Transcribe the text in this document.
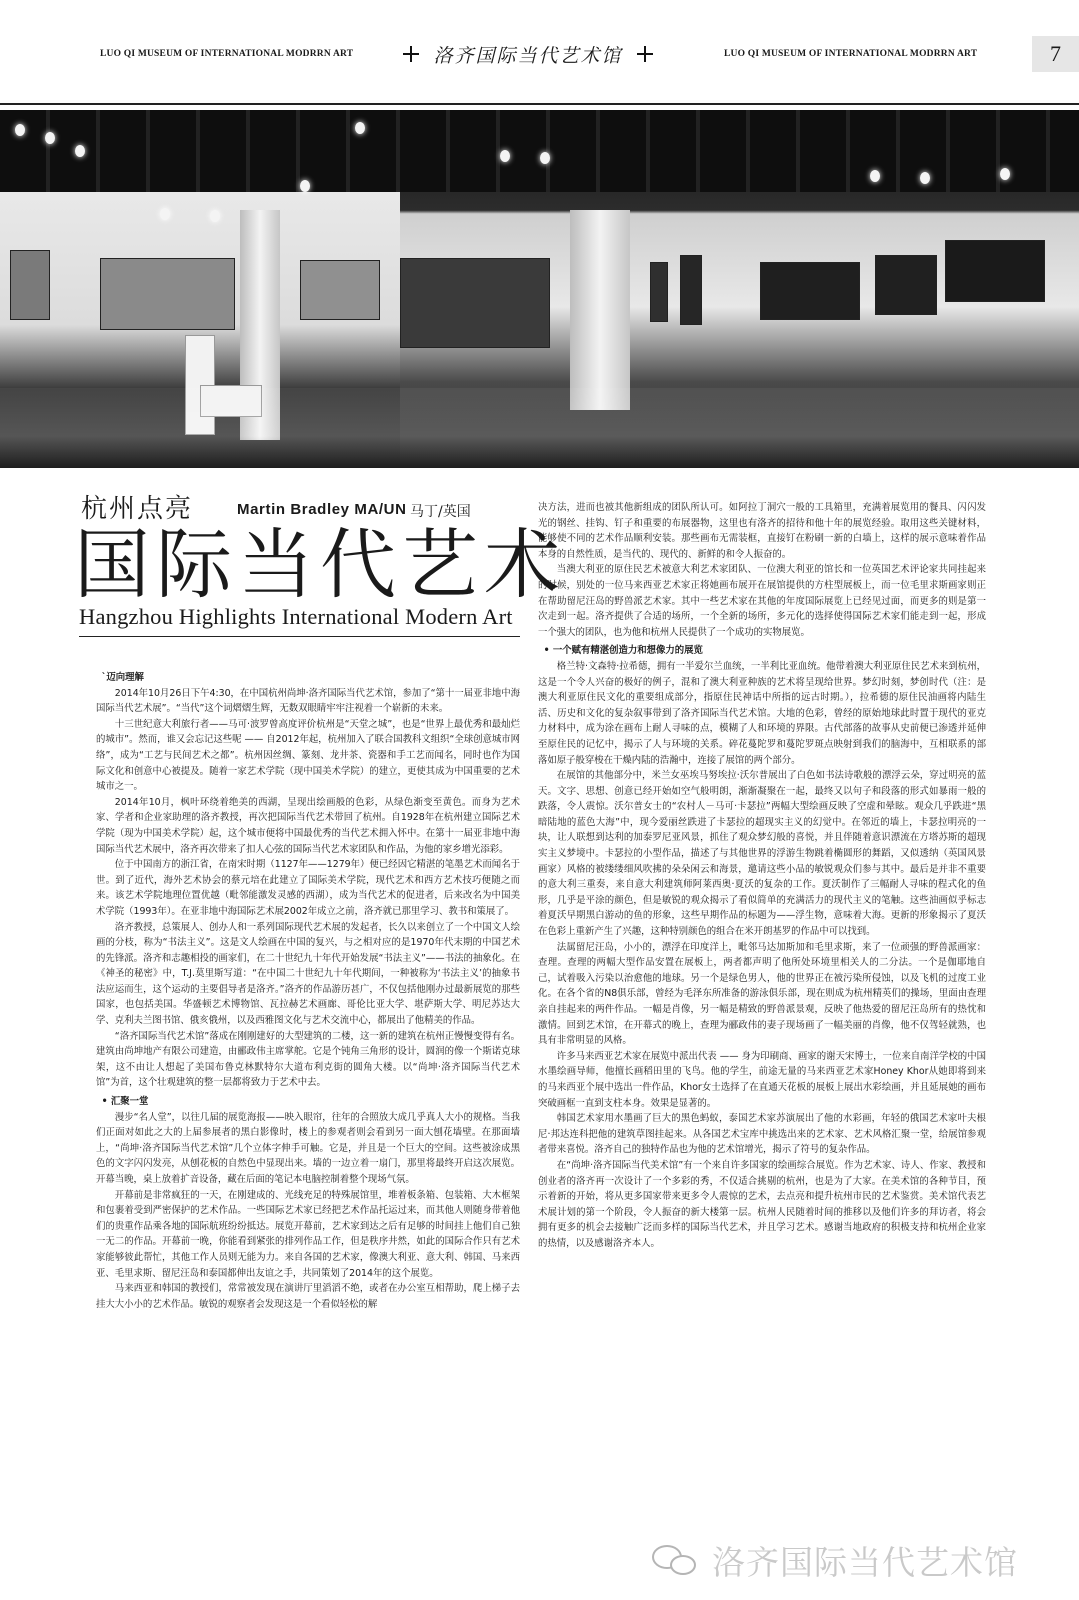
LUO QI MUSEUM OF INTERNATIONAL MODRRN ART	洛齐国际当代艺术馆	LUO QI MUSEUM OF INTERNATIONAL MODRRN ART	7
杭州点亮	Martin Bradley MA/UN 马丁/英国
国际当代艺术
Hangzhou Highlights International Modern Art

`迈向理解

2014年10月26日下午4:30，在中国杭州尚坤·洛齐国际当代艺术馆，参加了“第十一届亚非地中海国际当代艺术展”。“当代”这个词熠熠生辉，无数双眼睛牢牢注视着一个崭新的未来。

十三世纪意大利旅行者——马可·波罗曾高度评价杭州是“天堂之城”，也是“世界上最优秀和最灿烂的城市”。然而，谁又会忘记这些呢 —— 自2012年起，杭州加入了联合国教科文组织“全球创意城市网络”，成为“工艺与民间艺术之都”。杭州因丝绸、篆刻、龙井茶、瓷器和手工艺而闻名，同时也作为国际文化和创意中心被提及。随着一家艺术学院（现中国美术学院）的建立，更使其成为中国重要的艺术城市之一。

2014年10月，枫叶环绕着绝美的西湖，呈现出绘画般的色彩，从绿色渐变至黄色。而身为艺术家、学者和企业家助理的洛齐教授，再次把国际当代艺术带回了杭州。自1928年在杭州建立国际艺术学院（现为中国美术学院）起，这个城市便将中国最优秀的当代艺术拥入怀中。在第十一届亚非地中海国际当代艺术展中，洛齐再次带来了扣人心弦的国际当代艺术家团队和作品，为他的家乡增光添彩。

位于中国南方的浙江省，在南宋时期（1127年——1279年）便已经因它精湛的笔墨艺术而闻名于世。到了近代，海外艺术协会的蔡元培在此建立了国际美术学院，现代艺术和西方艺术技巧便随之而来。该艺术学院地理位置优越（毗邻能激发灵感的西湖），成为当代艺术的促进者，后来改名为中国美术学院（1993年）。在亚非地中海国际艺术展2002年成立之前，洛齐就已那里学习、教书和策展了。

洛齐教授，总策展人、创办人和一系列国际现代艺术展的发起者，长久以来创立了一个中国文人绘画的分枝，称为“书法主义”。这是文人绘画在中国的复兴，与之相对应的是1970年代末期的中国艺术的先锋派。洛齐和志趣相投的画家们，在二十世纪九十年代开始发展“书法主义”——书法的抽象化。在《神圣的秘密》中，T.J.莫里斯写道：“在中国二十世纪九十年代期间，一种被称为‘书法主义’的抽象书法应运而生，这个运动的主要倡导者是洛齐。”洛齐的作品游历甚广，不仅包括他刚办过最新展览的那些国家，也包括美国。华盛顿艺术博物馆、瓦拉赫艺术画廊、哥伦比亚大学、堪萨斯大学、明尼苏达大学、克利夫兰图书馆、俄亥俄州，以及西雅图文化与艺术交流中心，都展出了他精美的作品。

“洛齐国际当代艺术馆”落成在刚刚建好的大型建筑的二楼，这一新的建筑在杭州正慢慢变得有名。建筑由尚坤地产有限公司建造，由郦政伟主席掌舵。它是个钝角三角形的设计，圆润的像一个斯诺克球架，这不由让人想起了美国布鲁克林默特尔大道布利克街的圆角大楼。以“尚坤·洛齐国际当代艺术馆”为首，这个壮观建筑的整一层都将致力于艺术中去。

• 汇聚一堂

漫步“名人堂”，以往几届的展览海报——映入眼帘，往年的合照放大成几乎真人大小的规格。当我们正面对如此之大的上届参展者的黑白影像时，楼上的参观者则会看到另一面大刨花墙壁。在那面墙上，“尚坤·洛齐国际当代艺术馆”几个立体字伸手可触。它是，并且是一个巨大的空间。这些被涂成黑色的文字闪闪发亮，从刨花板的自然色中显现出来。墙的一边立着一扇门，那里将最终开启这次展览。开幕当晚，桌上放着扩音设备，藏在后面的笔记本电脑控制着整个现场气氛。

开幕前是非常疯狂的一天，在刚建成的、光线充足的特殊展馆里，堆着板条箱、包装箱、大木框架和包裹着受到严密保护的艺术作品。一些国际艺术家已经把艺术作品托运过来，而其他人则随身带着他们的贵重作品乘各地的国际航班纷纷抵达。展览开幕前，艺术家到达之后有足够的时间挂上他们自己独一无二的作品。开幕前一晚，你能看到紧张的排列作品工作，但是秩序井然，如此的国际合作只有艺术家能够彼此帮忙，其他工作人员则无能为力。来自各国的艺术家，像澳大利亚、意大利、韩国、马来西亚、毛里求斯、留尼汪岛和泰国都伸出友谊之手，共同策划了2014年的这个展览。

马来西亚和韩国的教授们，常常被发现在演讲厅里滔滔不绝，或者在办公室互相帮助，爬上梯子去挂大大小小的艺术作品。敏锐的观察者会发现这是一个看似轻松的解

决方法，进而也被其他新组成的团队所认可。如阿拉丁洞穴一般的工具箱里，充满着展览用的餐具、闪闪发光的钢丝、挂钩、钉子和重要的布展器物，这里也有洛齐的招待和他十年的展览经验。取用这些关键材料，能够使不同的艺术作品顺利安装。那些画布无需装框，直接钉在粉刷一新的白墙上，这样的展示意味着作品本身的自然性质，是当代的、现代的、新鲜的和令人振奋的。

当澳大利亚的原住民艺术被意大利艺术家团队、一位澳大利亚的馆长和一位英国艺术评论家共同挂起来的时候，别处的一位马来西亚艺术家正将她画布展开在展馆提供的方柱型展板上，而一位毛里求斯画家则正在帮助留尼汪岛的野兽派艺术家。其中一些艺术家在其他的年度国际展览上已经见过面，而更多的则是第一次走到一起。洛齐提供了合适的场所，一个全新的场所，多元化的选择使得国际艺术家们能走到一起，形成一个强大的团队，也为他和杭州人民提供了一个成功的实物展览。

• 一个赋有精湛创造力和想像力的展览

格兰特·文森特·拉希德，拥有一半爱尔兰血统，一半利比亚血统。他带着澳大利亚原住民艺术来到杭州，这是一个令人兴奋的极好的例子，混和了澳大利亚种族的艺术将呈现给世界。梦幻时刻，梦创时代（注：是澳大利亚原住民文化的重要组成部分，指原住民神话中所指的远古时期。），拉希德的原住民油画将内陆生活、历史和文化的复杂叙事带到了洛齐国际当代艺术馆。大地的色彩，曾经的原始地球此时置于现代的亚克力材料中，成为涂在画布上耐人寻味的点，模糊了人和环境的界限。古代部落的故事从史前便已渗透并延伸至原住民的记忆中，揭示了人与环境的关系。碎花蔓陀罗和蔓陀罗斑点映射到我们的脑海中，互相联系的部落如原子般穿梭在干燥内陆的浩瀚中，连接了展馆的两个部分。

在展馆的其他部分中，米兰女巫埃马努埃拉·沃尔普展出了白色如书法诗歌般的漂浮云朵，穿过明亮的蓝天。文字、思想、创意已经开始如空气般明朗，渐渐凝聚在一起，最终又以句子和段落的形式如暴雨一般的跌落，令人震惊。沃尔普女士的“农村人－马可·卡瑟拉”两幅大型绘画反映了空虚和晕眩。观众几乎跌进“黑暗陆地的蓝色大海”中，现今爱丽丝跌进了卡瑟拉的超现实主义的幻觉中。在邻近的墙上，卡瑟拉明亮的一块，让人联想到达利的加泰罗尼亚风景，抓住了观众梦幻般的喜悦，并且伴随着意识漂流在方塔苏斯的超现实主义梦境中。卡瑟拉的小型作品，描述了与其他世界的浮游生物跳着椭圆形的舞蹈，又似透纳（英国风景画家）风格的被缕缕细风吹拂的朵朵闲云和海景，邀请这些小品的敏锐观众们参与其中。最后是并非不重要的意大利三重奏，来自意大利建筑师阿莱西奥·夏沃的复杂的工作。夏沃制作了三幅耐人寻味的程式化的鱼形，几乎是平涂的颜色，但是敏锐的观众揭示了看似简单的充满活力的现代主义的笔触。这些油画似乎标志着夏沃早期黑白游动的鱼的形象，这些早期作品的标题为——浮生物，意味着大海。更新的形象揭示了夏沃在色彩上重新产生了兴趣，这种特别颜色的组合在米开朗基罗的作品中可以找到。

法属留尼汪岛，小小的，漂浮在印度洋上，毗邻马达加斯加和毛里求斯，来了一位顽强的野兽派画家：查理。查理的两幅大型作品安置在展板上，两者都声明了他所处环境里相关人的二分法。一个是伽耶地自己，试着吸入污染以治愈他的地球。另一个是绿色男人，他的世界正在被污染所侵蚀，以及飞机的过度工业化。在各个省的N8俱乐部，曾经为毛泽东所准备的游泳俱乐部，现在则成为杭州精英们的操场，里面由查理亲自挂起来的两件作品。一幅是肖像，另一幅是精致的野兽派景观，反映了他热爱的留尼汪岛所有的热忱和激情。回到艺术馆，在开幕式的晚上，查理为郦政伟的妻子现场画了一幅美丽的肖像，他不仅驾轻就熟，也具有非常明显的风格。

许多马来西亚艺术家在展览中派出代表 —— 身为印刷商、画家的谢天宋博士，一位来自南洋学校的中国水墨绘画导师，他擅长画稻田里的飞鸟。他的学生，前途无量的马来西亚艺术家Honey Khor从她即将到来的马来西亚个展中选出一件作品，Khor女士选择了在直通天花板的展板上展出水彩绘画，并且延展她的画布突破画框一直到支柱本身。效果是显著的。

韩国艺术家用水墨画了巨大的黑色蚂蚁，泰国艺术家苏演展出了他的水彩画，年轻的俄国艺术家叶夫根尼·邦达连科把他的建筑草图挂起来。从各国艺术宝库中挑选出来的艺术家、艺术风格汇聚一堂，给展馆参观者带来喜悦。洛齐自己的独特作品也为他的艺术馆增光，揭示了符号的复杂作品。

在“尚坤·洛齐国际当代美术馆”有一个来自许多国家的绘画综合展览。作为艺术家、诗人、作家、教授和创业者的洛齐再一次设计了一个多彩的秀，不仅适合挑剔的杭州，也是为了大家。在美术馆的各种节目，预示着新的开始，将从更多国家带来更多令人震惊的艺术，去点亮和提升杭州市民的艺术鉴赏。美术馆代表艺术展计划的第一个阶段，令人振奋的新大楼第一层。杭州人民随着时间的推移以及他们许多的拜访者，将会拥有更多的机会去接触广泛而多样的国际当代艺术，并且学习艺术。感谢当地政府的积极支持和杭州企业家的热情，以及感谢洛齐本人。

洛齐国际当代艺术馆
